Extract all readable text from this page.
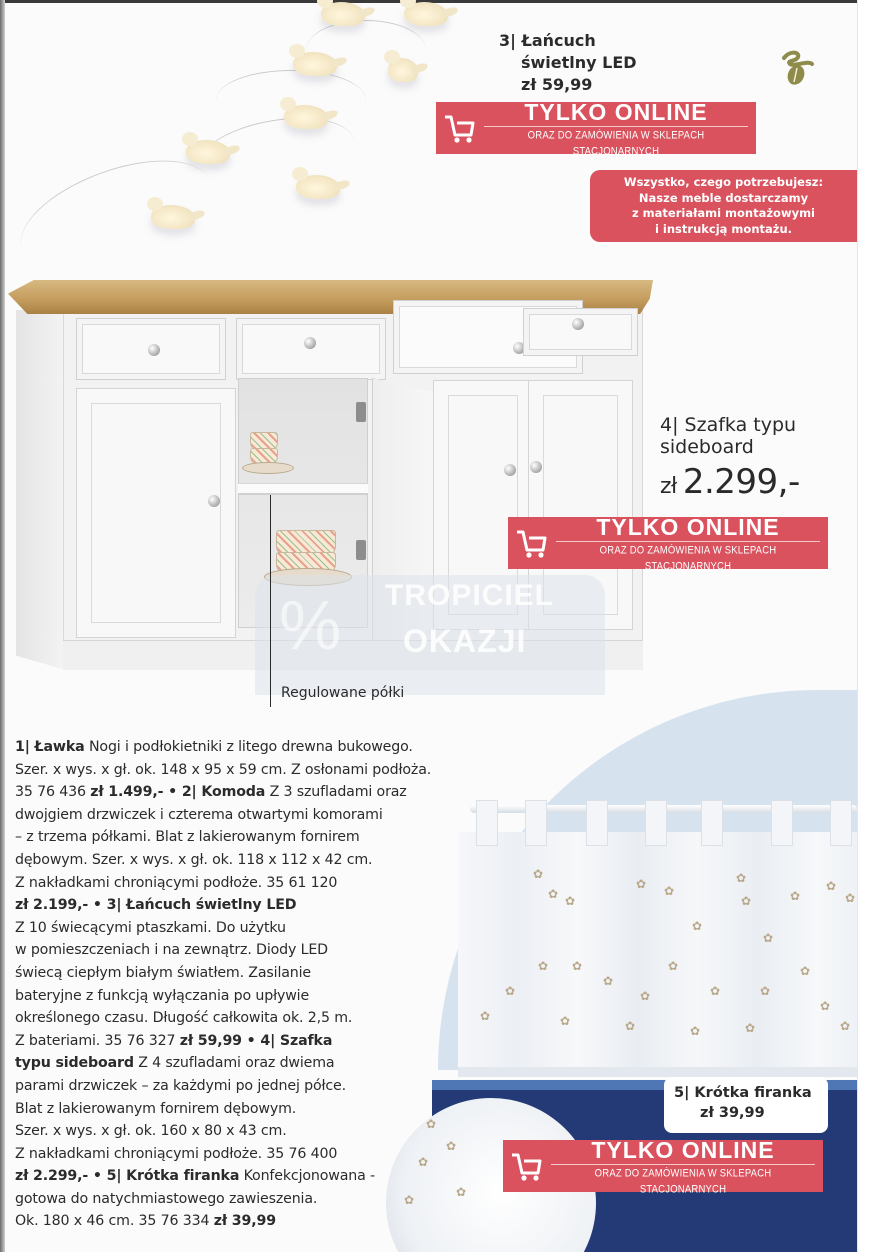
3| Łańcuch
świetlny LED
zł 59,99
TYLKO ONLINE
ORAZ DO ZAMÓWIENIA W SKLEPACH STACJONARNYCH
Wszystko, czego potrzebujesz:
Nasze meble dostarczamy
z materiałami montażowymi
i instrukcją montażu.
TYLKO ONLINE
ORAZ DO ZAMÓWIENIA W SKLEPACH STACJONARNYCH
4| Szafka typu
sideboard
zł 2.299,-
% TROPICIEL
OKAZJI
Regulowane półki
✿
✿ ✿
✿ ✿
✿
✿
✿
✿
✿
✿
✿
✿
✿ ✿
✿
✿
✿
✿	✿
✿
✿
✿	✿	✿	✿	✿	✿
✿
✿
✿
✿
✿
5| Krótka firanka
zł 39,99
TYLKO ONLINE
ORAZ DO ZAMÓWIENIA W SKLEPACH STACJONARNYCH
1| Ławka Nogi i podłokietniki z litego drewna bukowego.
Szer. x wys. x gł. ok. 148 x 95 x 59 cm. Z osłonami podłoża.
35 76 436 zł 1.499,- • 2| Komoda Z 3 szufladami oraz
dwojgiem drzwiczek i czterema otwartymi komorami
– z trzema półkami. Blat z lakierowanym fornirem
dębowym. Szer. x wys. x gł. ok. 118 x 112 x 42 cm.
Z nakładkami chroniącymi podłoże. 35 61 120
zł 2.199,- • 3| Łańcuch świetlny LED
Z 10 świecącymi ptaszkami. Do użytku
w pomieszczeniach i na zewnątrz. Diody LED
świecą ciepłym białym światłem. Zasilanie
bateryjne z funkcją wyłączania po upływie
określonego czasu. Długość całkowita ok. 2,5 m.
Z bateriami. 35 76 327 zł 59,99 • 4| Szafka
typu sideboard Z 4 szufladami oraz dwiema
parami drzwiczek – za każdymi po jednej półce.
Blat z lakierowanym fornirem dębowym.
Szer. x wys. x gł. ok. 160 x 80 x 43 cm.
Z nakładkami chroniącymi podłoże. 35 76 400
zł 2.299,- • 5| Krótka firanka Konfekcjonowana -
gotowa do natychmiastowego zawieszenia.
Ok. 180 x 46 cm. 35 76 334 zł 39,99
